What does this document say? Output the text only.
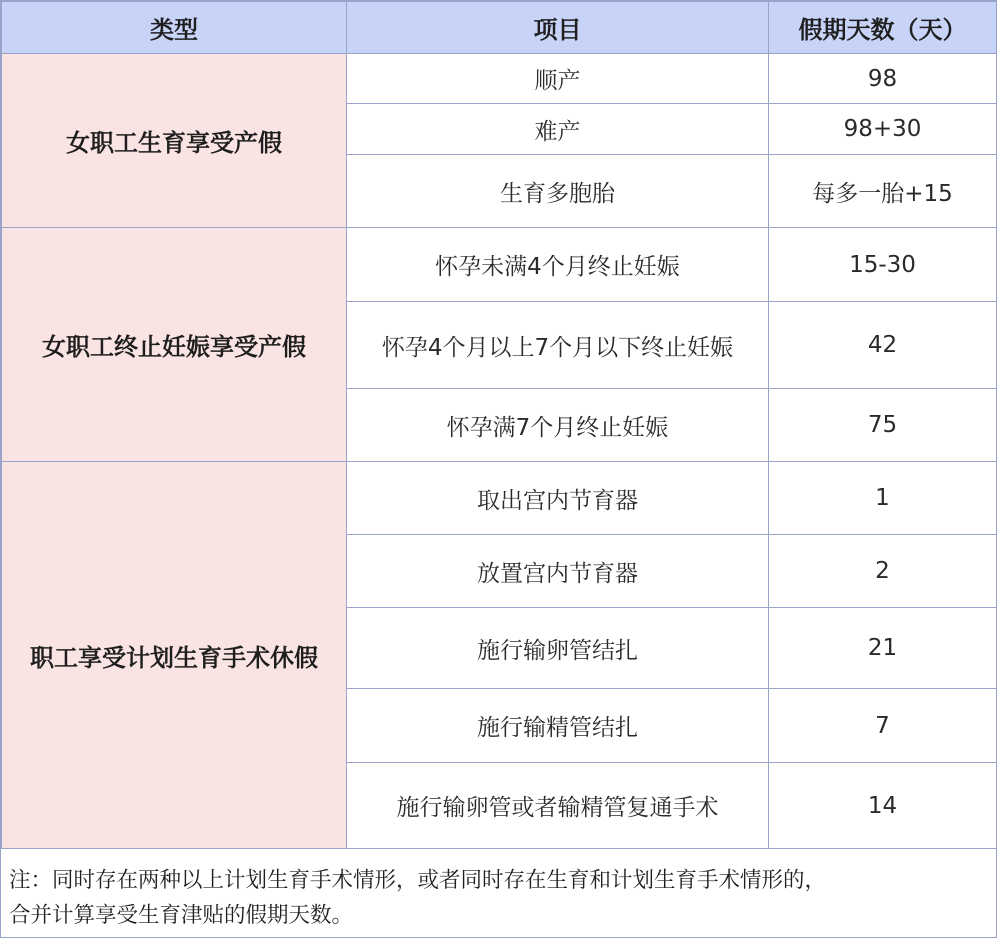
类型	项目	假期天数（天）
女职工生育享受产假	顺产	98
	难产	98+30
	生育多胞胎	每多一胎+15
女职工终止妊娠享受产假	怀孕未满4个月终止妊娠	15-30
	怀孕4个月以上7个月以下终止妊娠	42
	怀孕满7个月终止妊娠	75
职工享受计划生育手术休假	取出宫内节育器	1
	放置宫内节育器	2
	施行输卵管结扎	21
	施行输精管结扎	7
	施行输卵管或者输精管复通手术	14
注：同时存在两种以上计划生育手术情形，或者同时存在生育和计划生育手术情形的，
合并计算享受生育津贴的假期天数。
